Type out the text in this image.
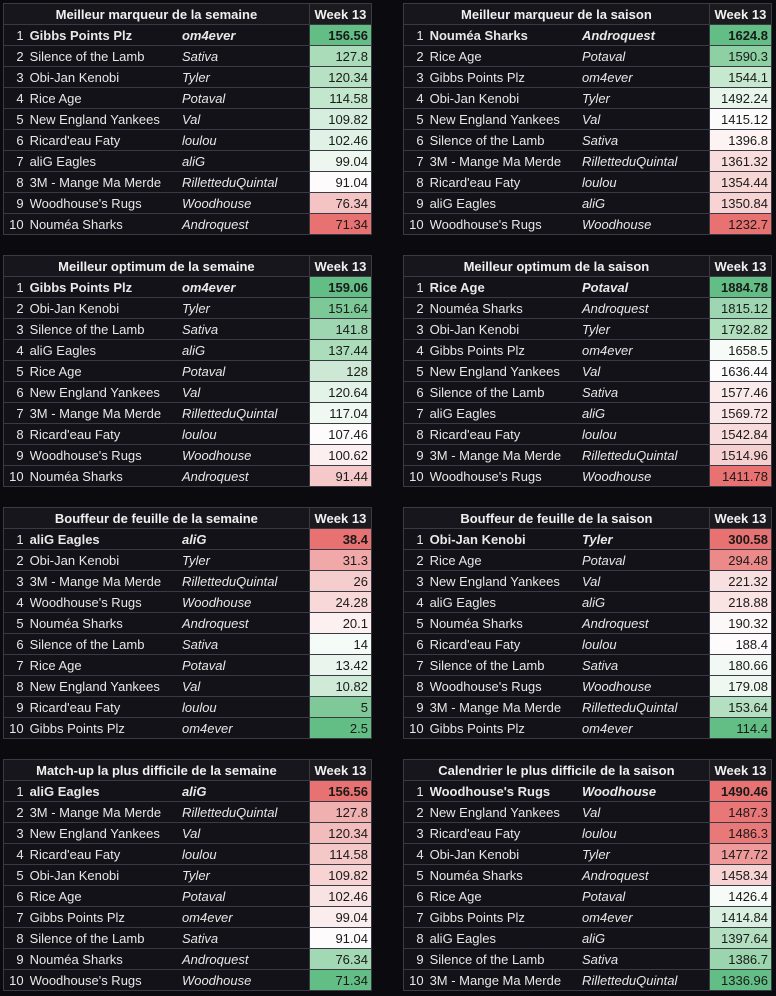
Meilleur marqueur de la semaine			Week 13
1	Gibbs Points Plz	om4ever	156.56
2	Silence of the Lamb	Sativa	127.8
3	Obi-Jan Kenobi	Tyler	120.34
4	Rice Age	Potaval	114.58
5	New England Yankees	Val	109.82
6	Ricard'eau Faty	loulou	102.46
7	aliG Eagles	aliG	99.04
8	3M - Mange Ma Merde	RilletteduQuintal	91.04
9	Woodhouse's Rugs	Woodhouse	76.34
10	Nouméa Sharks	Androquest	71.34
Meilleur marqueur de la saison			Week 13
1	Nouméa Sharks	Androquest	1624.8
2	Rice Age	Potaval	1590.3
3	Gibbs Points Plz	om4ever	1544.1
4	Obi-Jan Kenobi	Tyler	1492.24
5	New England Yankees	Val	1415.12
6	Silence of the Lamb	Sativa	1396.8
7	3M - Mange Ma Merde	RilletteduQuintal	1361.32
8	Ricard'eau Faty	loulou	1354.44
9	aliG Eagles	aliG	1350.84
10	Woodhouse's Rugs	Woodhouse	1232.7
Meilleur optimum de la semaine			Week 13
1	Gibbs Points Plz	om4ever	159.06
2	Obi-Jan Kenobi	Tyler	151.64
3	Silence of the Lamb	Sativa	141.8
4	aliG Eagles	aliG	137.44
5	Rice Age	Potaval	128
6	New England Yankees	Val	120.64
7	3M - Mange Ma Merde	RilletteduQuintal	117.04
8	Ricard'eau Faty	loulou	107.46
9	Woodhouse's Rugs	Woodhouse	100.62
10	Nouméa Sharks	Androquest	91.44
Meilleur optimum de la saison			Week 13
1	Rice Age	Potaval	1884.78
2	Nouméa Sharks	Androquest	1815.12
3	Obi-Jan Kenobi	Tyler	1792.82
4	Gibbs Points Plz	om4ever	1658.5
5	New England Yankees	Val	1636.44
6	Silence of the Lamb	Sativa	1577.46
7	aliG Eagles	aliG	1569.72
8	Ricard'eau Faty	loulou	1542.84
9	3M - Mange Ma Merde	RilletteduQuintal	1514.96
10	Woodhouse's Rugs	Woodhouse	1411.78
Bouffeur de feuille de la semaine			Week 13
1	aliG Eagles	aliG	38.4
2	Obi-Jan Kenobi	Tyler	31.3
3	3M - Mange Ma Merde	RilletteduQuintal	26
4	Woodhouse's Rugs	Woodhouse	24.28
5	Nouméa Sharks	Androquest	20.1
6	Silence of the Lamb	Sativa	14
7	Rice Age	Potaval	13.42
8	New England Yankees	Val	10.82
9	Ricard'eau Faty	loulou	5
10	Gibbs Points Plz	om4ever	2.5
Bouffeur de feuille de la saison			Week 13
1	Obi-Jan Kenobi	Tyler	300.58
2	Rice Age	Potaval	294.48
3	New England Yankees	Val	221.32
4	aliG Eagles	aliG	218.88
5	Nouméa Sharks	Androquest	190.32
6	Ricard'eau Faty	loulou	188.4
7	Silence of the Lamb	Sativa	180.66
8	Woodhouse's Rugs	Woodhouse	179.08
9	3M - Mange Ma Merde	RilletteduQuintal	153.64
10	Gibbs Points Plz	om4ever	114.4
Match-up la plus difficile de la semaine			Week 13
1	aliG Eagles	aliG	156.56
2	3M - Mange Ma Merde	RilletteduQuintal	127.8
3	New England Yankees	Val	120.34
4	Ricard'eau Faty	loulou	114.58
5	Obi-Jan Kenobi	Tyler	109.82
6	Rice Age	Potaval	102.46
7	Gibbs Points Plz	om4ever	99.04
8	Silence of the Lamb	Sativa	91.04
9	Nouméa Sharks	Androquest	76.34
10	Woodhouse's Rugs	Woodhouse	71.34
Calendrier le plus difficile de la saison			Week 13
1	Woodhouse's Rugs	Woodhouse	1490.46
2	New England Yankees	Val	1487.3
3	Ricard'eau Faty	loulou	1486.3
4	Obi-Jan Kenobi	Tyler	1477.72
5	Nouméa Sharks	Androquest	1458.34
6	Rice Age	Potaval	1426.4
7	Gibbs Points Plz	om4ever	1414.84
8	aliG Eagles	aliG	1397.64
9	Silence of the Lamb	Sativa	1386.7
10	3M - Mange Ma Merde	RilletteduQuintal	1336.96
